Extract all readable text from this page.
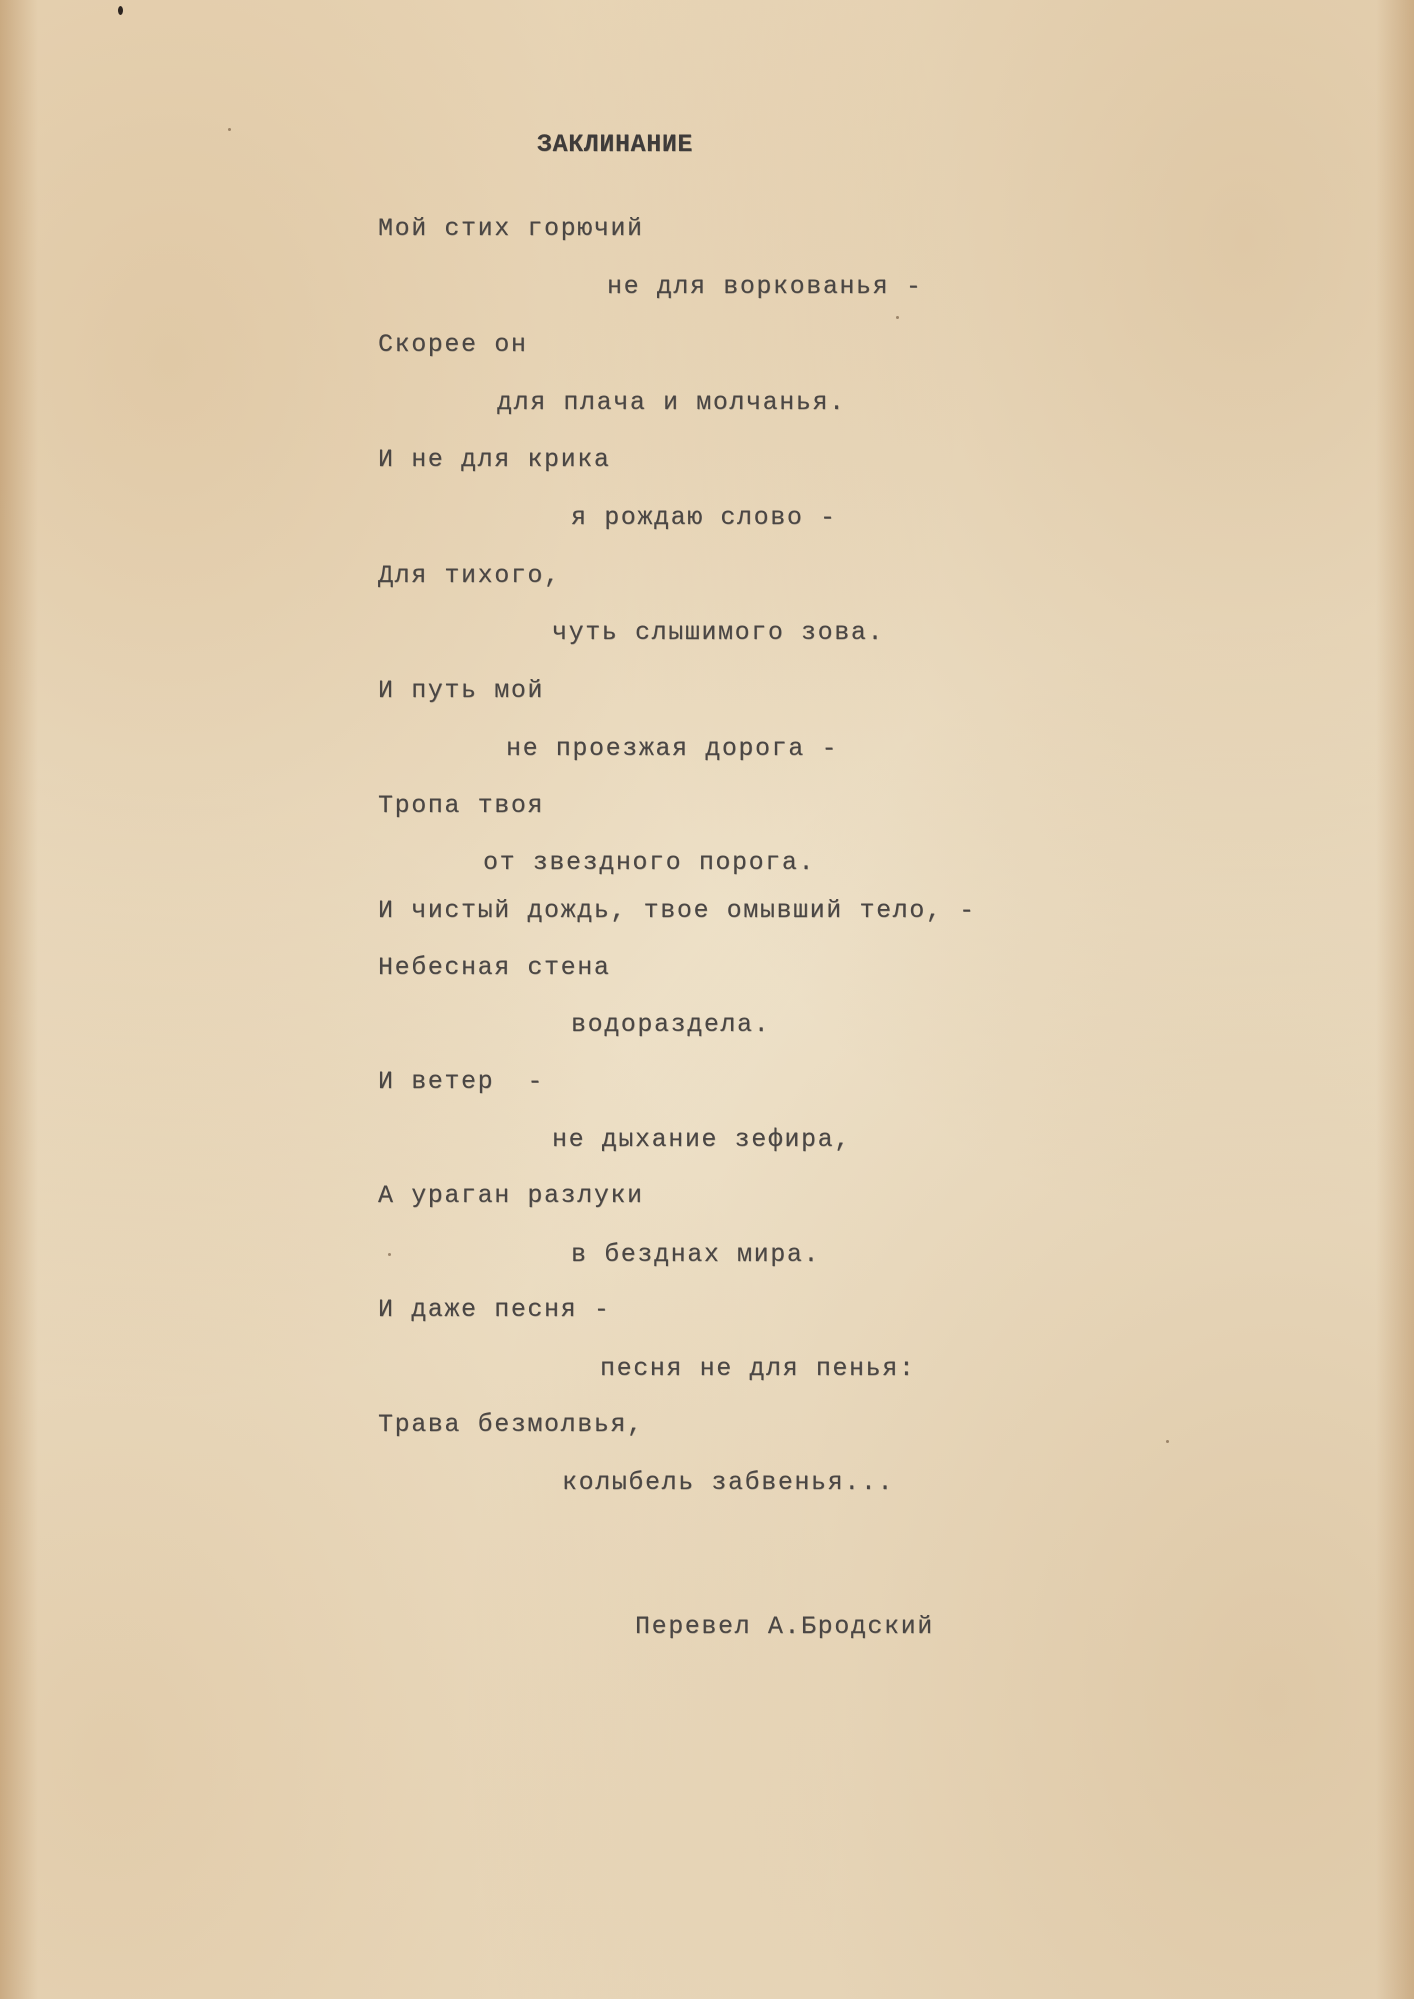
ЗАКЛИНАНИЕ

Мой стих горючий

не для воркованья -

Скорее он

для плача и молчанья.

И не для крика

я рождаю слово -

Для тихого,

чуть слышимого зова.

И путь мой

не проезжая дорога -

Тропа твоя

от звездного порога.

И чистый дождь, твое омывший тело, -

Небесная стена

водораздела.

И ветер  -

не дыхание зефира,

А ураган разлуки

в безднах мира.

И даже песня -

песня не для пенья:

Трава безмолвья,

колыбель забвенья...

Перевел А.Бродский
